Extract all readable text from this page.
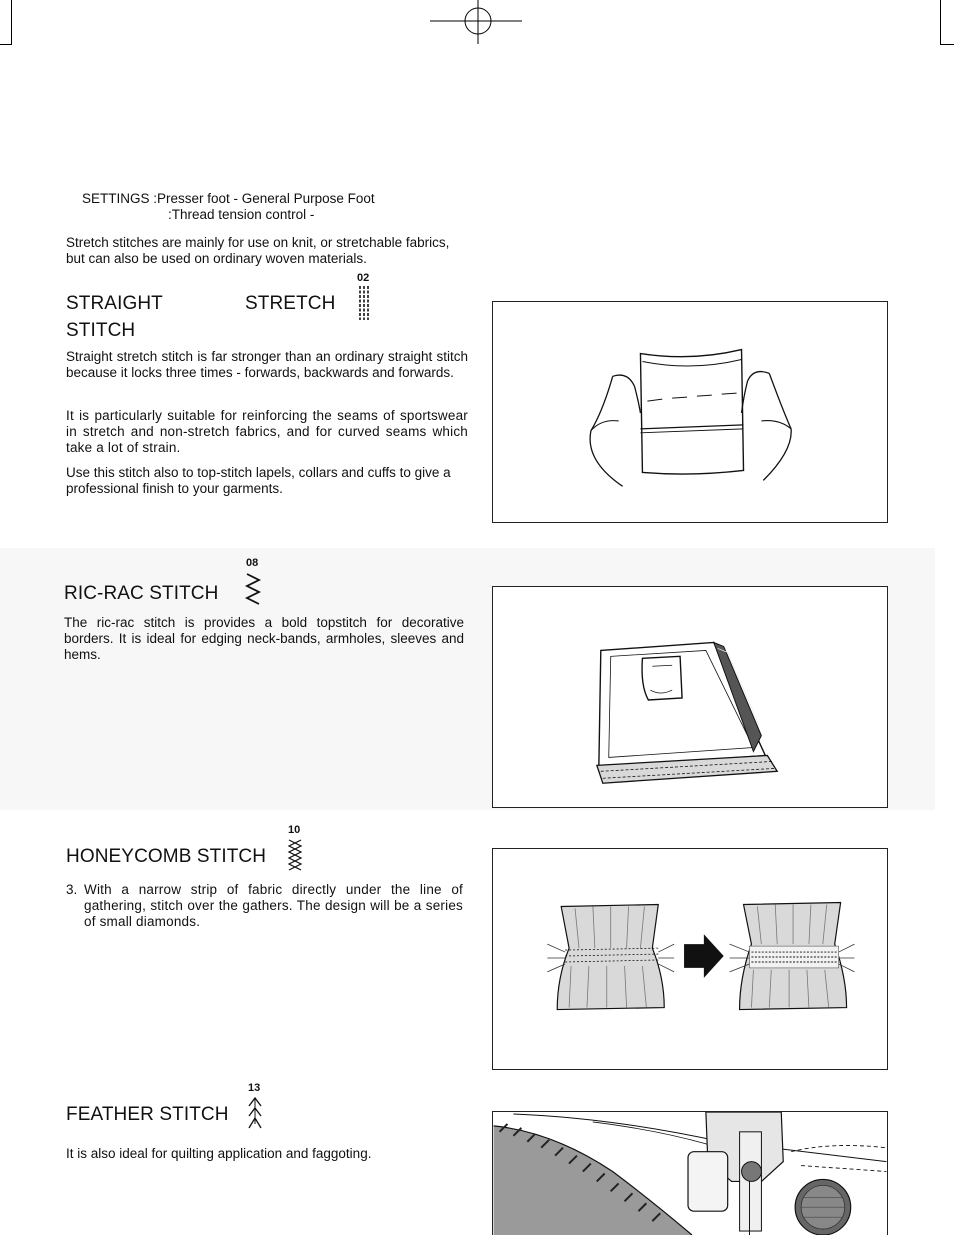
SETTINGS :Presser foot - General Purpose Foot
:Thread tension control -

Stretch stitches are mainly for use on knit, or stretchable fabrics, but can also be used on ordinary woven materials.

02
STRAIGHT	STRETCH
STITCH

Straight stretch stitch is far stronger than an ordinary straight stitch because it locks three times - forwards, backwards and forwards.

It is particularly suitable for reinforcing the seams of sportswear in stretch and non-stretch fabrics, and for curved seams which take a lot of strain.

Use this stitch also to top-stitch lapels, collars and cuffs to give a professional finish to your garments.

08
RIC-RAC STITCH

The ric-rac stitch is provides a bold topstitch for decorative borders. It is ideal for edging neck-bands, armholes, sleeves and hems.

10
HONEYCOMB STITCH
3. With a narrow strip of fabric directly under the line of gathering, stitch over the gathers. The design will be a series of small diamonds.
13
FEATHER STITCH

It is also ideal for quilting application and faggoting.
